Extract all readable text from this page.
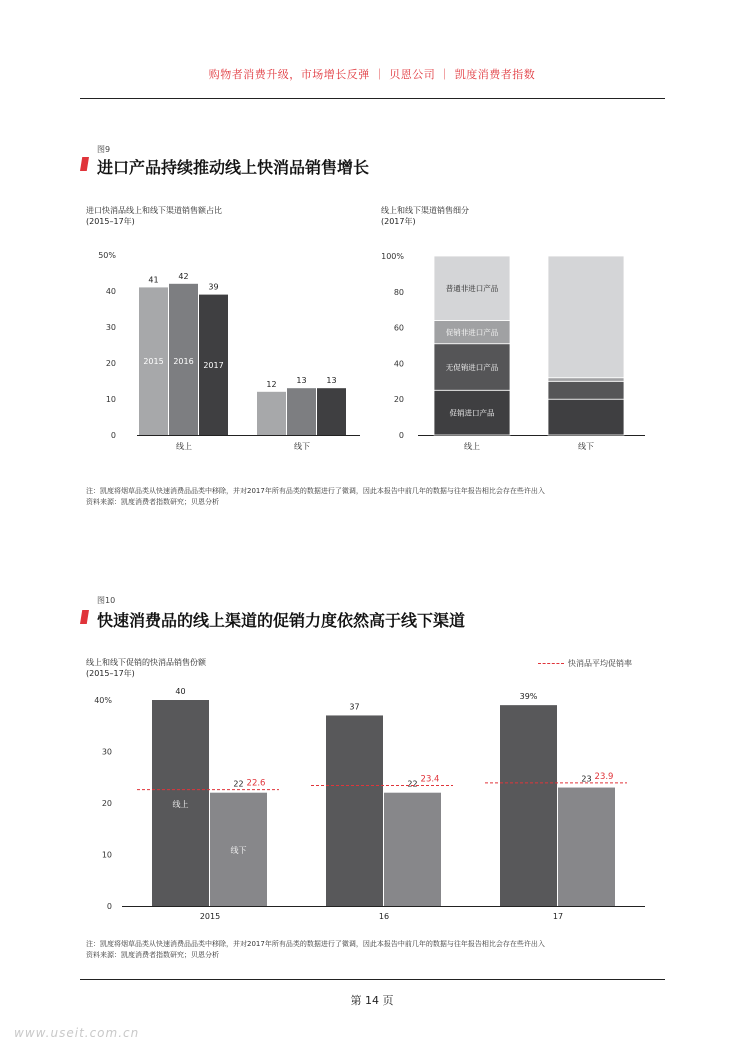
购物者消费升级，市场增长反弹 ｜ 贝恩公司 ｜ 凯度消费者指数
图9
进口产品持续推动线上快消品销售增长
进口快消品线上和线下渠道销售额占比
(2015–17年)
线上和线下渠道销售细分
(2017年)
0
10
20
30
40
50%
41
2015
42
2016
39
2017
线上
12 13 13
线下
0
20
40
60
80
100%
促销进口产品
无促销进口产品
促销非进口产品
普通非进口产品
线上	线下
0
10
20
30
40%
40
线上
22
线下
22.6
2015
37
22 23.4
16
39%
23 23.9
17
注：凯度将烟草品类从快速消费品品类中移除，并对2017年所有品类的数据进行了微调，因此本报告中前几年的数据与往年报告相比会存在些许出入
资料来源：凯度消费者指数研究；贝恩分析
图10
快速消费品的线上渠道的促销力度依然高于线下渠道
线上和线下促销的快消品销售份额
(2015–17年)
快消品平均促销率
注：凯度将烟草品类从快速消费品品类中移除，并对2017年所有品类的数据进行了微调，因此本报告中前几年的数据与往年报告相比会存在些许出入
资料来源：凯度消费者指数研究；贝恩分析
第 14 页
www.useit.com.cn
